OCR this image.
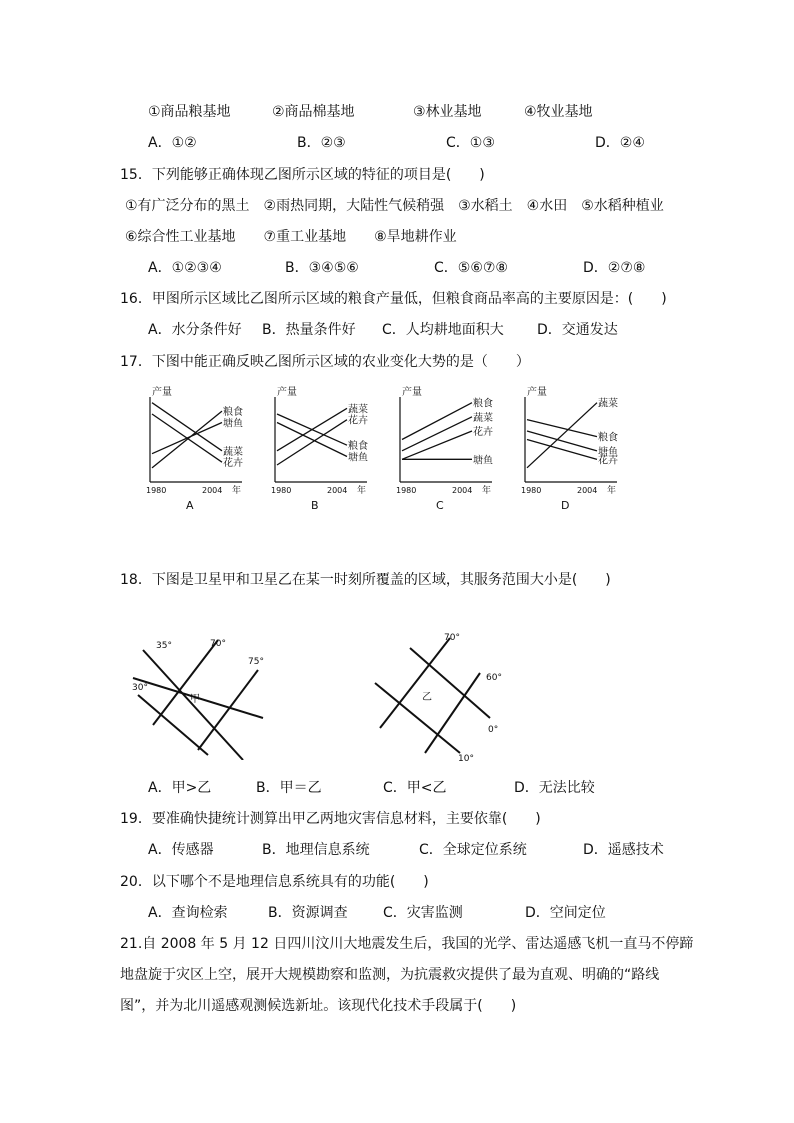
①商品粮基地	②商品棉基地	③林业基地	④牧业基地
A．①②	B．②③	C．①③	D．②④
15．下列能够正确体现乙图所示区域的特征的项目是(　　)
①有广泛分布的黑土　②雨热同期，大陆性气候稍强　③水稻土　④水田　⑤水稻种植业
⑥综合性工业基地　　⑦重工业基地　　⑧旱地耕作业
A．①②③④	B．③④⑤⑥	C．⑤⑥⑦⑧	D．②⑦⑧
16．甲图所示区域比乙图所示区域的粮食产量低，但粮食商品率高的主要原因是：(　　)
A．水分条件好 B．热量条件好 C．人均耕地面积大 D．交通发达
17．下图中能正确反映乙图所示区域的农业变化大势的是（　　）
产量
1980	2004 年
粮食
塘鱼
蔬菜
花卉
A
产量
1980	2004 年
蔬菜
花卉
粮食
塘鱼
B
产量
1980	2004 年
粮食
蔬菜
花卉
塘鱼
C
产量
1980	2004 年
蔬菜
粮食
塘鱼
花卉
D
18．下图是卫星甲和卫星乙在某一时刻所覆盖的区域，其服务范围大小是(　　)
35°
30°
70°
75°
甲
70°
60°
0°
10°
乙
A．甲>乙	B．甲＝乙	C．甲<乙	D．无法比较
19．要准确快捷统计测算出甲乙两地灾害信息材料，主要依靠(　　)
A．传感器	B．地理信息系统	C．全球定位系统	D．遥感技术
20．以下哪个不是地理信息系统具有的功能(　　)
A．查询检索	B．资源调查	C．灾害监测	D．空间定位
21.自 2008 年 5 月 12 日四川汶川大地震发生后，我国的光学、雷达遥感飞机一直马不停蹄
地盘旋于灾区上空，展开大规模勘察和监测，为抗震救灾提供了最为直观、明确的“路线
图”，并为北川遥感观测候选新址。该现代化技术手段属于(　　)
